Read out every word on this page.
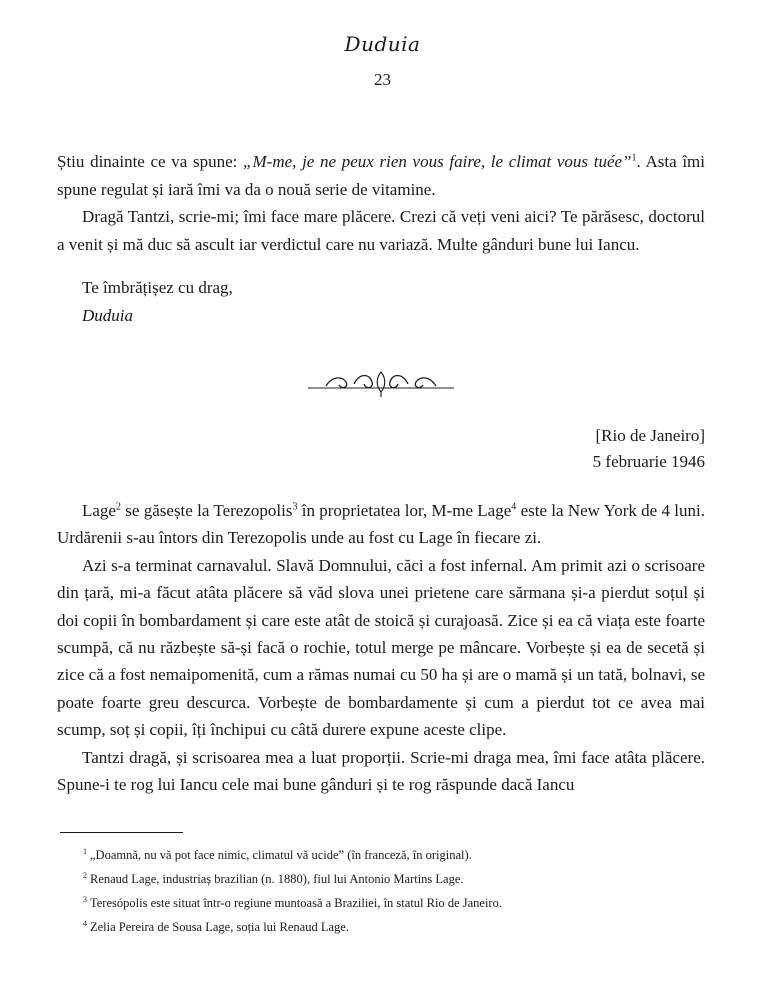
Duduia
23

Știu dinainte ce va spune: „M-me, je ne peux rien vous faire, le climat vous tuée”$^1$. Asta îmi spune regulat și iară îmi va da o nouă serie de vitamine.

Dragă Tantzi, scrie-mi; îmi face mare plăcere. Crezi că veți veni aici? Te părăsesc, doctorul a venit și mă duc să ascult iar verdictul care nu variază. Multe gânduri bune lui Iancu.

Te îmbrățișez cu drag,
Duduia
[Rio de Janeiro]
5 februarie 1946

Lage$^2$ se găsește la Terezopolis$^3$ în proprietatea lor, M-me Lage$^4$ este la New York de 4 luni. Urdărenii s-au întors din Terezopolis unde au fost cu Lage în fiecare zi.

Azi s-a terminat carnavalul. Slavă Domnului, căci a fost infernal. Am primit azi o scrisoare din țară, mi-a făcut atâta plăcere să văd slova unei prietene care sărmana și-a pierdut soțul și doi copii în bombardament și care este atât de stoică și curajoasă. Zice și ea că viața este foarte scumpă, că nu răzbește să-și facă o rochie, totul merge pe mâncare. Vorbește și ea de secetă și zice că a fost nemaipomenită, cum a rămas numai cu 50 ha și are o mamă și un tată, bolnavi, se poate foarte greu descurca. Vorbește de bombardamente și cum a pierdut tot ce avea mai scump, soț și copii, îți închipui cu câtă durere expune aceste clipe.

Tantzi dragă, și scrisoarea mea a luat proporții. Scrie-mi draga mea, îmi face atâta plăcere. Spune-i te rog lui Iancu cele mai bune gânduri și te rog răspunde dacă Iancu

$^1$ „Doamnă, nu vă pot face nimic, climatul vă ucide” (în franceză, în original).
$^2$ Renaud Lage, industriaș brazilian (n. 1880), fiul lui Antonio Martins Lage.
$^3$ Teresópolis este situat într-o regiune muntoasă a Braziliei, în statul Rio de Janeiro.
$^4$ Zelia Pereira de Sousa Lage, soția lui Renaud Lage.
